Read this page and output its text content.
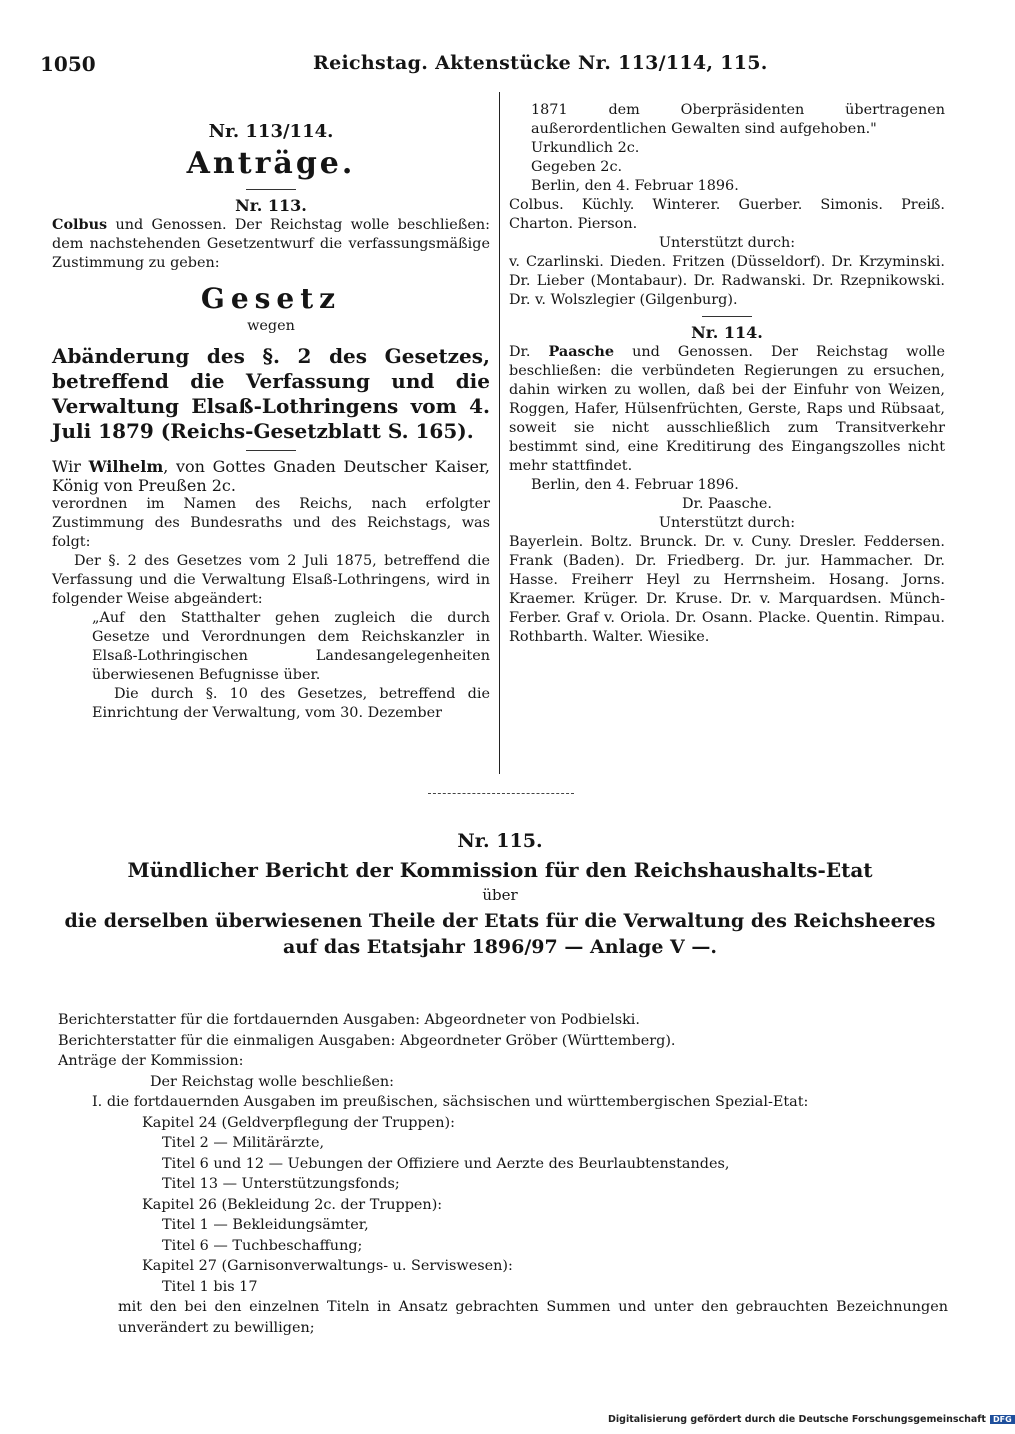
1050	Reichstag. Aktenstücke Nr. 113/114, 115.

Nr. 113/114.

Anträge.

Nr. 113.

Colbus und Genossen. Der Reichstag wolle beschließen: dem nachstehenden Gesetzentwurf die verfassungsmäßige Zustimmung zu geben:

Gesetz

wegen

Abänderung des §. 2 des Gesetzes, betreffend die Verfassung und die Verwaltung Elsaß-Lothringens vom 4. Juli 1879 (Reichs-Gesetzblatt S. 165).

Wir Wilhelm, von Gottes Gnaden Deutscher Kaiser, König von Preußen 2c.

verordnen im Namen des Reichs, nach erfolgter Zustimmung des Bundesraths und des Reichstags, was folgt:

Der §. 2 des Gesetzes vom 2 Juli 1875, betreffend die Verfassung und die Verwaltung Elsaß-Lothringens, wird in folgender Weise abgeändert:

„Auf den Statthalter gehen zugleich die durch Gesetze und Verordnungen dem Reichskanzler in Elsaß-Lothringischen Landesangelegenheiten überwiesenen Befugnisse über.

Die durch §. 10 des Gesetzes, betreffend die Einrichtung der Verwaltung, vom 30. Dezember

1871 dem Oberpräsidenten übertragenen außerordentlichen Gewalten sind aufgehoben."

Urkundlich 2c.

Gegeben 2c.

Berlin, den 4. Februar 1896.

Colbus. Küchly. Winterer. Guerber. Simonis. Preiß. Charton. Pierson.

Unterstützt durch:

v. Czarlinski. Dieden. Fritzen (Düsseldorf). Dr. Krzyminski. Dr. Lieber (Montabaur). Dr. Radwanski. Dr. Rzepnikowski. Dr. v. Wolszlegier (Gilgenburg).

Nr. 114.

Dr. Paasche und Genossen. Der Reichstag wolle beschließen: die verbündeten Regierungen zu ersuchen, dahin wirken zu wollen, daß bei der Einfuhr von Weizen, Roggen, Hafer, Hülsenfrüchten, Gerste, Raps und Rübsaat, soweit sie nicht ausschließlich zum Transitverkehr bestimmt sind, eine Kreditirung des Eingangszolles nicht mehr stattfindet.

Berlin, den 4. Februar 1896.

Dr. Paasche.

Unterstützt durch:

Bayerlein. Boltz. Brunck. Dr. v. Cuny. Dresler. Feddersen. Frank (Baden). Dr. Friedberg. Dr. jur. Hammacher. Dr. Hasse. Freiherr Heyl zu Herrnsheim. Hosang. Jorns. Kraemer. Krüger. Dr. Kruse. Dr. v. Marquardsen. Münch-Ferber. Graf v. Oriola. Dr. Osann. Placke. Quentin. Rimpau. Rothbarth. Walter. Wiesike.

Nr. 115.

Mündlicher Bericht der Kommission für den Reichshaushalts-Etat

über

die derselben überwiesenen Theile der Etats für die Verwaltung des Reichsheeres auf das Etatsjahr 1896/97 — Anlage V —.

Berichterstatter für die fortdauernden Ausgaben: Abgeordneter von Podbielski.

Berichterstatter für die einmaligen Ausgaben: Abgeordneter Gröber (Württemberg).

Anträge der Kommission:

Der Reichstag wolle beschließen:

I. die fortdauernden Ausgaben im preußischen, sächsischen und württembergischen Spezial-Etat:

Kapitel 24 (Geldverpflegung der Truppen):

Titel 2 — Militärärzte,

Titel 6 und 12 — Uebungen der Offiziere und Aerzte des Beurlaubtenstandes,

Titel 13 — Unterstützungsfonds;

Kapitel 26 (Bekleidung 2c. der Truppen):

Titel 1 — Bekleidungsämter,

Titel 6 — Tuchbeschaffung;

Kapitel 27 (Garnisonverwaltungs- u. Serviswesen):

Titel 1 bis 17

mit den bei den einzelnen Titeln in Ansatz gebrachten Summen und unter den gebrauchten Bezeichnungen unverändert zu bewilligen;

Digitalisierung gefördert durch die Deutsche Forschungsgemeinschaft DFG
